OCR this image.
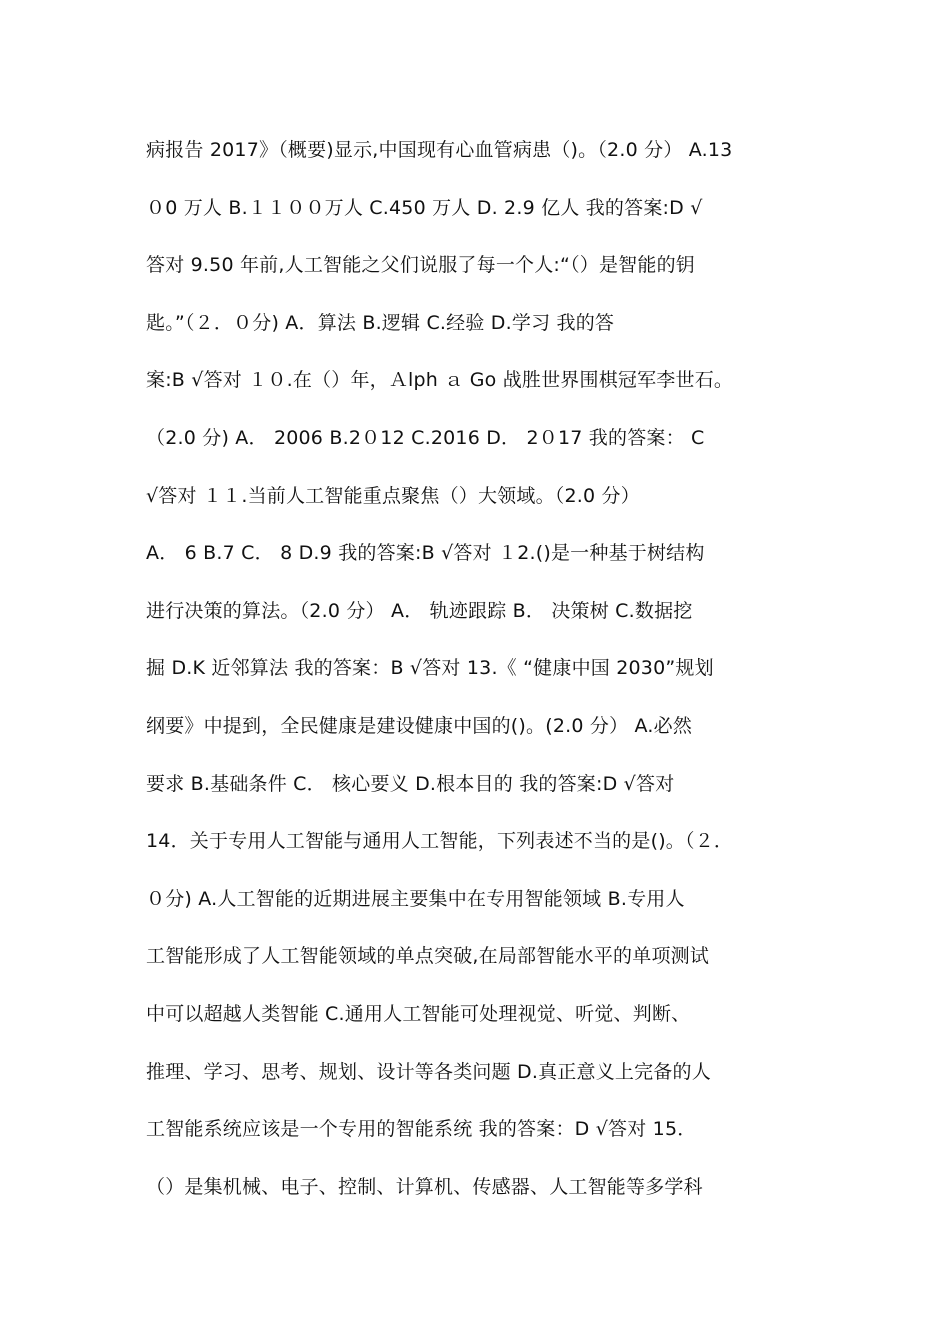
病报告 2017》（概要)显示,中国现有心血管病患（)。（2.0 分） A.13
０0 万人 B.１１００万人 C.450 万人 D. 2.9 亿人 我的答案:D √
答对 9.50 年前,人工智能之父们说服了每一个人:“（）是智能的钥
匙。”（２．０分) A．算法 B.逻辑 C.经验 D.学习 我的答
案:B √答对 １０.在（）年，Ａlph ａ Go 战胜世界围棋冠军李世石。
（2.0 分) A． 2006 B.2０12 C.2016 D． 2０17 我的答案： C
√答对 １１.当前人工智能重点聚焦（）大领域。（2.0 分）
A． 6 B.7 C． 8 D.9 我的答案:B √答对 １2.()是一种基于树结构
进行决策的算法。（2.0 分） A． 轨迹跟踪 B． 决策树 C.数据挖
掘 D.K 近邻算法 我的答案：B √答对 13.《 “健康中国 2030”规划
纲要》中提到，全民健康是建设健康中国的()。(2.0 分） A.必然
要求 B.基础条件 C． 核心要义 D.根本目的 我的答案:D √答对
14．关于专用人工智能与通用人工智能，下列表述不当的是()。（２．
０分) A.人工智能的近期进展主要集中在专用智能领域 B.专用人
工智能形成了人工智能领域的单点突破,在局部智能水平的单项测试
中可以超越人类智能 C.通用人工智能可处理视觉、听觉、判断、
推理、学习、思考、规划、设计等各类问题 D.真正意义上完备的人
工智能系统应该是一个专用的智能系统 我的答案：D √答对 15．
（）是集机械、电子、控制、计算机、传感器、人工智能等多学科
